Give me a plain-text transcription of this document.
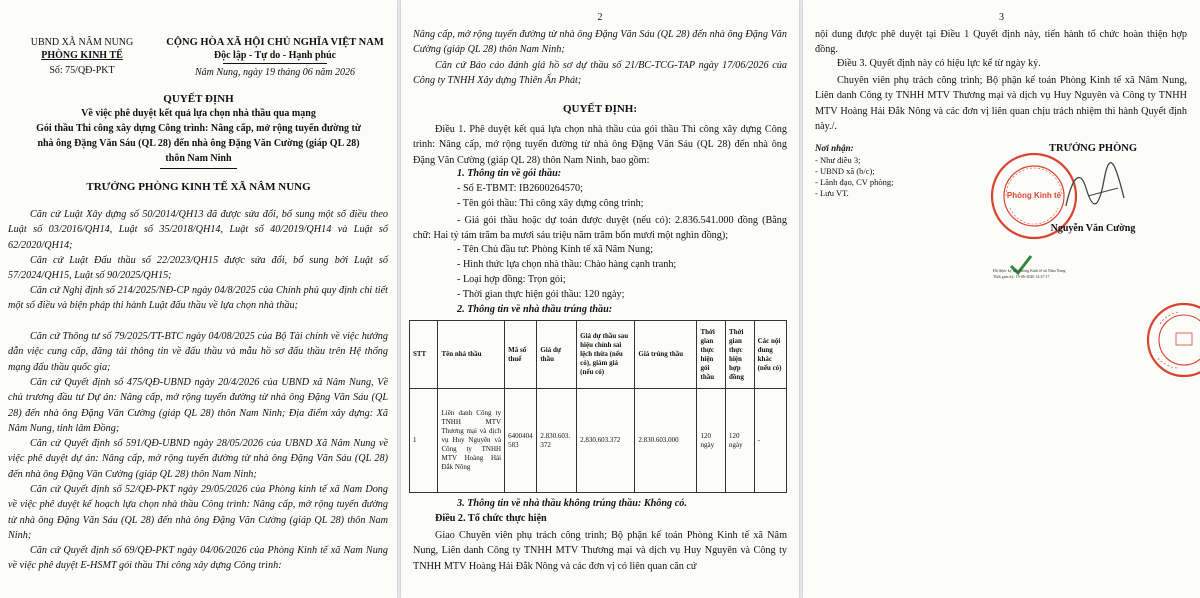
UBND XÃ NÂM NUNG
PHÒNG KINH TẾ
Số: 75/QĐ-PKT
CỘNG HÒA XÃ HỘI CHỦ NGHĨA VIỆT NAM
Độc lập - Tự do - Hạnh phúc
Nâm Nung, ngày 19 tháng 06 năm 2026
QUYẾT ĐỊNH
Về việc phê duyệt kết quả lựa chọn nhà thầu qua mạng
Gói thầu Thi công xây dựng Công trình: Nâng cấp, mở rộng tuyến đường từ
nhà ông Đặng Văn Sáu (QL 28) đến nhà ông Đặng Văn Cường (giáp QL 28)
thôn Nam Ninh
TRƯỞNG PHÒNG KINH TẾ XÃ NÂM NUNG
Căn cứ Luật Xây dựng số 50/2014/QH13 đã được sửa đổi, bổ sung một số điều theo Luật số 03/2016/QH14, Luật số 35/2018/QH14, Luật số 40/2019/QH14 và Luật số 62/2020/QH14;
Căn cứ Luật Đấu thầu số 22/2023/QH15 được sửa đổi, bổ sung bởi Luật số 57/2024/QH15, Luật số 90/2025/QH15;
Căn cứ Nghị định số 214/2025/NĐ-CP ngày 04/8/2025 của Chính phủ quy định chi tiết một số điều và biện pháp thi hành Luật đấu thầu về lựa chọn nhà thầu;
Căn cứ Thông tư số 79/2025/TT-BTC ngày 04/08/2025 của Bộ Tài chính về việc hướng dẫn việc cung cấp, đăng tải thông tin về đấu thầu và mẫu hồ sơ đấu thầu trên Hệ thống mạng đấu thầu quốc gia;
Căn cứ Quyết định số 475/QĐ-UBND ngày 20/4/2026 của UBND xã Nâm Nung, Về chủ trương đầu tư Dự án: Nâng cấp, mở rộng tuyến đường từ nhà ông Đặng Văn Sáu (QL 28) đến nhà ông Đặng Văn Cường (giáp QL 28) thôn Nam Ninh; Địa điểm xây dựng: Xã Nâm Nung, tỉnh lâm Đồng;
Căn cứ Quyết định số 591/QĐ-UBND ngày 28/05/2026 của UBND Xã Nâm Nung về việc phê duyệt dự án: Nâng cấp, mở rộng tuyến đường từ nhà ông Đặng Văn Sáu (QL 28) đến nhà ông Đặng Văn Cường (giáp QL 28) thôn Nam Ninh;
Căn cứ Quyết định số 52/QĐ-PKT ngày 29/05/2026 của Phòng kinh tế xã Nam Dong về việc phê duyệt kế hoạch lựa chọn nhà thầu Công trình: Nâng cấp, mở rộng tuyến đường từ nhà ông Đặng Văn Sáu (QL 28) đến nhà ông Đặng Văn Cường (giáp QL 28) thôn Nam Ninh;
Căn cứ Quyết định số 69/QĐ-PKT ngày 04/06/2026 của Phòng Kinh tế xã Nam Nung về việc phê duyệt E-HSMT gói thầu Thi công xây dựng Công trình:
2
Nâng cấp, mở rộng tuyến đường từ nhà ông Đặng Văn Sáu (QL 28) đến nhà ông Đặng Văn Cường (giáp QL 28) thôn Nam Ninh;
Căn cứ Báo cáo đánh giá hồ sơ dự thầu số 21/BC-TCG-TAP ngày 17/06/2026 của Công ty TNHH Xây dựng Thiên Ấn Phát;
QUYẾT ĐỊNH:
Điều 1. Phê duyệt kết quả lựa chọn nhà thầu của gói thầu Thi công xây dựng Công trình: Nâng cấp, mở rộng tuyến đường từ nhà ông Đặng Văn Sáu (QL 28) đến nhà ông Đặng Văn Cường (giáp QL 28) thôn Nam Ninh, bao gồm:
1. Thông tin về gói thầu:
- Số E-TBMT: IB2600264570;
- Tên gói thầu: Thi công xây dựng công trình;
- Giá gói thầu hoặc dự toán được duyệt (nếu có): 2.836.541.000 đồng (Bằng chữ: Hai tỷ tám trăm ba mươi sáu triệu năm trăm bốn mươi một nghìn đồng);
- Tên Chủ đầu tư: Phòng Kinh tế xã Nâm Nung;
- Hình thức lựa chọn nhà thầu: Chào hàng cạnh tranh;
- Loại hợp đồng: Trọn gói;
- Thời gian thực hiện gói thầu: 120 ngày;
2. Thông tin về nhà thầu trúng thầu:
STT	Tên nhà thầu	Mã số thuế	Giá dự thầu	Giá dự thầu sau hiệu chỉnh sai lệch thừa (nếu có), giảm giá (nếu có)	Giá trúng thầu	Thời gian thực hiện gói thầu	Thời gian thực hiện hợp đồng	Các nội dung khác (nếu có)
1	Liên danh Công ty TNHH MTV Thương mại và dịch vụ Huy Nguyên và Công ty TNHH MTV Hoàng Hải Đắk Nông	6400404583	2.830.603.372	2.830.603.372	2.830.603.000	120 ngày	120 ngày	-
3. Thông tin về nhà thầu không trúng thầu: Không có.
Điều 2. Tổ chức thực hiện
Giao Chuyên viên phụ trách công trình; Bộ phận kế toán Phòng Kinh tế xã Nâm Nung, Liên danh Công ty TNHH MTV Thương mại và dịch vụ Huy Nguyên và Công ty TNHH MTV Hoàng Hải Đắk Nông và các đơn vị có liên quan căn cứ
3
nội dung được phê duyệt tại Điều 1 Quyết định này, tiến hành tổ chức hoàn thiện hợp đồng.
Điều 3. Quyết định này có hiệu lực kể từ ngày ký.
Chuyên viên phụ trách công trình; Bộ phận kế toán Phòng Kinh tế xã Nâm Nung, Liên danh Công ty TNHH MTV Thương mại và dịch vụ Huy Nguyên và Công ty TNHH MTV Hoàng Hải Đắk Nông và các đơn vị liên quan chịu trách nhiệm thi hành Quyết định này./.
Nơi nhận:
- Như điều 3;
- UBND xã (b/c);
- Lãnh đạo, CV phòng;
- Lưu VT.
TRƯỞNG PHÒNG
Phòng Kinh tế
Nguyễn Văn Cường
Đã được ký bởi Phòng Kinh tế xã Nâm Nung
Thời gian ký: 19-06-2026 14:47:17
